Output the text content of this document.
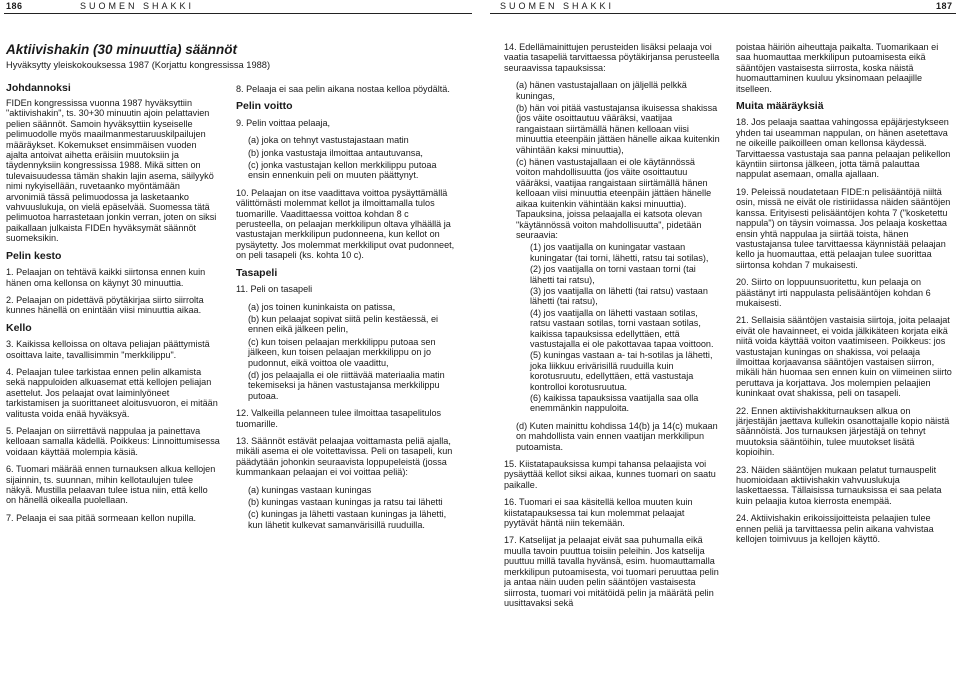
186	SUOMEN SHAKKI	SUOMEN SHAKKI	187
Aktiivishakin (30 minuuttia) säännöt
Hyväksytty yleiskokouksessa 1987 (Korjattu kongressissa 1988)
Johdannoksi

FIDEn kongressissa vuonna 1987 hyväksyttiin "aktiivishakin", ts. 30+30 minuutin ajoin pelattavien pelien säännöt. Samoin hyväksyttiin kyseiselle pelimuodolle myös maailmanmestaruuskilpailujen määräykset. Kokemukset ensimmäisen vuoden ajalta antoivat aihetta eräisiin muutoksiin ja täydennyksiin kongressissa 1988. Mikä sitten on tulevaisuudessa tämän shakin lajin asema, säilyykö nimi nykyisellään, ruvetaanko myöntämään arvonimiä tässä pelimuodossa ja lasketaanko vahvuuslukuja, on vielä epäselvää. Suomessa tätä pelimuotoa harrastetaan jonkin verran, joten on siksi paikallaan julkaista FIDEn hyväksymät säännöt suomeksikin.

Pelin kesto

1. Pelaajan on tehtävä kaikki siirtonsa ennen kuin hänen oma kellonsa on käynyt 30 minuuttia.

2. Pelaajan on pidettävä pöytäkirjaa siirto siirrolta kunnes hänellä on enintään viisi minuuttia aikaa.

Kello

3. Kaikissa kelloissa on oltava peliajan päättymistä osoittava laite, tavallisimmin "merkkilippu".

4. Pelaajan tulee tarkistaa ennen pelin alkamista sekä nappuloiden alkuasemat että kellojen peliajan asettelut. Jos pelaajat ovat laiminlyöneet tarkistamisen ja suorittaneet aloitusvuoron, ei mitään valitusta voida enää hyväksyä.

5. Pelaajan on siirrettävä nappulaa ja painettava kelloaan samalla kädellä. Poikkeus: Linnoittumisessa voidaan käyttää molempia käsiä.

6. Tuomari määrää ennen turnauksen alkua kellojen sijainnin, ts. suunnan, mihin kellotaulujen tulee näkyä. Mustilla pelaavan tulee istua niin, että kello on hänellä oikealla puolellaan.

7. Pelaaja ei saa pitää sormeaan kellon nupilla.

8. Pelaaja ei saa pelin aikana nostaa kelloa pöydältä.

Pelin voitto

9. Pelin voittaa pelaaja,

(a) joka on tehnyt vastustajastaan matin

(b) jonka vastustaja ilmoittaa antautuvansa,

(c) jonka vastustajan kellon merkkilippu putoaa ensin ennenkuin peli on muuten päättynyt.

10. Pelaajan on itse vaadittava voittoa pysäyttämällä välittömästi molemmat kellot ja ilmoittamalla tulos tuomarille. Vaadittaessa voittoa kohdan 8 c perusteella, on pelaajan merkkilipun oltava ylhäällä ja vastustajan merkkilipun pudonneena, kun kellot on pysäytetty. Jos molemmat merkkiliput ovat pudonneet, on peli tasapeli (ks. kohta 10 c).

Tasapeli

11. Peli on tasapeli

(a) jos toinen kuninkaista on patissa,

(b) kun pelaajat sopivat siitä pelin kestäessä, ei ennen eikä jälkeen pelin,

(c) kun toisen pelaajan merkkilippu putoaa sen jälkeen, kun toisen pelaajan merkkilippu on jo pudonnut, eikä voittoa ole vaadittu,

(d) jos pelaajalla ei ole riittävää materiaalia matin tekemiseksi ja hänen vastustajansa merkkilippu putoaa.

12. Valkeilla pelanneen tulee ilmoittaa tasapelitulos tuomarille.

13. Säännöt estävät pelaajaa voittamasta peliä ajalla, mikäli asema ei ole voitettavissa. Peli on tasapeli, kun päädytään johonkin seuraavista loppupeleistä (jossa kummankaan pelaajan ei voi voittaa peliä):

(a) kuningas vastaan kuningas

(b) kuningas vastaan kuningas ja ratsu tai lähetti

(c) kuningas ja lähetti vastaan kuningas ja lähetti, kun lähetit kulkevat samanvärisillä ruuduilla.

14. Edellämainittujen perusteiden lisäksi pelaaja voi vaatia tasapeliä tarvittaessa pöytäkirjansa perusteella seuraavissa tapauksissa:

(a) hänen vastustajallaan on jäljellä pelkkä kuningas,

(b) hän voi pitää vastustajansa ikuisessa shakissa (jos väite osoittautuu vääräksi, vaatijaa rangaistaan siirtämällä hänen kelloaan viisi minuuttia eteenpäin jättäen hänelle aikaa kuitenkin vähintään kaksi minuuttia),

(c) hänen vastustajallaan ei ole käytännössä voiton mahdollisuutta (jos väite osoittautuu vääräksi, vaatijaa rangaistaan siirtämällä hänen kelloaan viisi minuuttia eteenpäin jättäen hänelle aikaa kuitenkin vähintään kaksi minuuttia). Tapauksina, joissa pelaajalla ei katsota olevan "käytännössä voiton mahdollisuutta", pidetään seuraavia:

(1) jos vaatijalla on kuningatar vastaan kuningatar (tai torni, lähetti, ratsu tai sotilas),

(2) jos vaatijalla on torni vastaan torni (tai lähetti tai ratsu),

(3) jos vaatijalla on lähetti (tai ratsu) vastaan lähetti (tai ratsu),

(4) jos vaatijalla on lähetti vastaan sotilas, ratsu vastaan sotilas, torni vastaan sotilas, kaikissa tapauksissa edellyttäen, että vastustajalla ei ole pakottavaa tapaa voittoon.

(5) kuningas vastaan a- tai h-sotilas ja lähetti, joka liikkuu erivärisillä ruuduilla kuin korotusruutu, edellyttäen, että vastustaja kontrolloi korotusruutua.

(6) kaikissa tapauksissa vaatijalla saa olla enemmänkin nappuloita.

(d) Kuten mainittu kohdissa 14(b) ja 14(c) mukaan on mahdollista vain ennen vaatijan merkkilipun putoamista.

15. Kiistatapauksissa kumpi tahansa pelaajista voi pysäyttää kellot siksi aikaa, kunnes tuomari on saatu paikalle.

16. Tuomari ei saa käsitellä kelloa muuten kuin kiistatapauksessa tai kun molemmat pelaajat pyytävät häntä niin tekemään.

17. Katselijat ja pelaajat eivät saa puhumalla eikä muulla tavoin puuttua toisiin peleihin. Jos katselija puuttuu millä tavalla hyvänsä, esim. huomauttamalla merkkilipun putoamisesta, voi tuomari peruuttaa pelin ja antaa näin uuden pelin sääntöjen vastaisesta siirrosta, tuomari voi mitätöidä pelin ja määrätä pelin uusittavaksi sekä

poistaa häiriön aiheuttaja paikalta. Tuomarikaan ei saa huomauttaa merkkilipun putoamisesta eikä sääntöjen vastaisesta siirrosta, koska näistä huomauttaminen kuuluu yksinomaan pelaajille itselleen.

Muita määräyksiä

18. Jos pelaaja saattaa vahingossa epäjärjestykseen yhden tai useamman nappulan, on hänen asetettava ne oikeille paikoilleen oman kellonsa käydessä. Tarvittaessa vastustaja saa panna pelaajan pelikellon käyntiin siirtonsa jälkeen, jotta tämä palauttaa nappulat asemaan, omalla ajallaan.

19. Peleissä noudatetaan FIDE:n pelisääntöjä niiltä osin, missä ne eivät ole ristiriidassa näiden sääntöjen kanssa. Erityisesti pelisääntöjen kohta 7 ("kosketettu nappula") on täysin voimassa. Jos pelaaja koskettaa ensin yhtä nappulaa ja siirtää toista, hänen vastustajansa tulee tarvittaessa käynnistää pelaajan kello ja huomauttaa, että pelaajan tulee suorittaa siirtonsa kohdan 7 mukaisesti.

20. Siirto on loppuunsuoritettu, kun pelaaja on päästänyt irti nappulasta pelisääntöjen kohdan 6 mukaisesti.

21. Sellaisia sääntöjen vastaisia siirtoja, joita pelaajat eivät ole havainneet, ei voida jälkikäteen korjata eikä niitä voida käyttää voiton vaatimiseen. Poikkeus: jos vastustajan kuningas on shakissa, voi pelaaja ilmoittaa korjaavansa sääntöjen vastaisen siirron, mikäli hän huomaa sen ennen kuin on viimeinen siirto peruttava ja korjattava. Jos molempien pelaajien kuninkaat ovat shakissa, peli on tasapeli.

22. Ennen aktiivishakkiturnauksen alkua on järjestäjän jaettava kullekin osanottajalle kopio näistä säännöistä. Jos turnauksen järjestäjä on tehnyt muutoksia sääntöihin, tulee muutokset lisätä kopioihin.

23. Näiden sääntöjen mukaan pelatut turnauspelit huomioidaan aktiivishakin vahvuuslukuja laskettaessa. Tällaisissa turnauksissa ei saa pelata kuin pelaajia kutoa kierrosta enempää.

24. Aktiivishakin erikoissijoitteista pelaajien tulee ennen peliä ja tarvittaessa pelin aikana vahvistaa kellojen toimivuus ja kellojen käyttö.
